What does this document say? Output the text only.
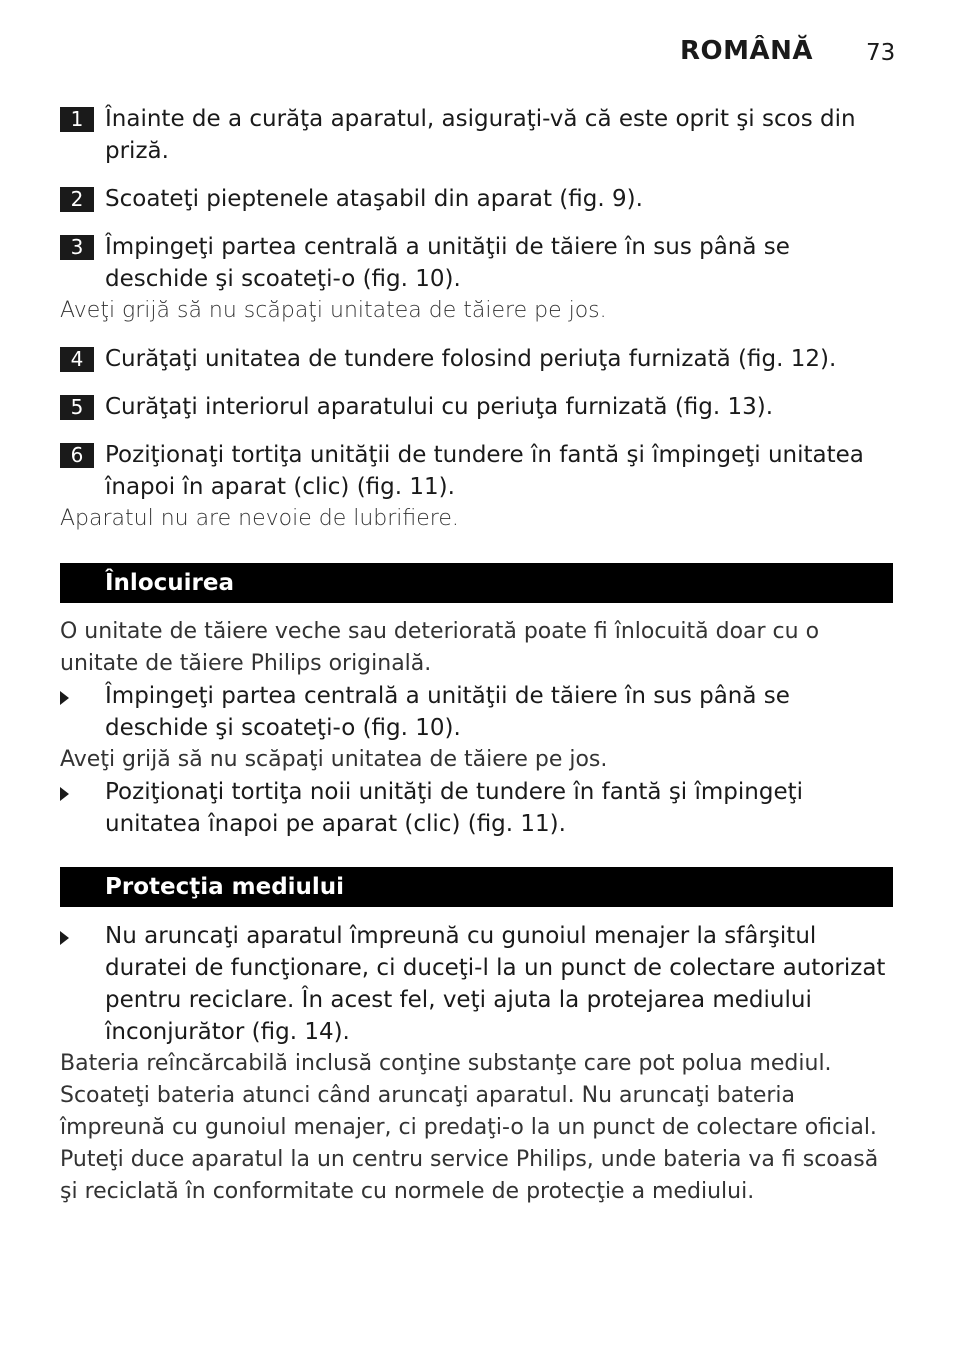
ROMÂNĂ 73
1 Înainte de a curăţa aparatul, asiguraţi-vă că este oprit şi scos din priză.
2 Scoateţi pieptenele ataşabil din aparat (fig. 9).
3 Împingeţi partea centrală a unităţii de tăiere în sus până se deschide şi scoateţi-o (fig. 10).
Aveţi grijă să nu scăpaţi unitatea de tăiere pe jos.
4 Curăţaţi unitatea de tundere folosind periuţa furnizată (fig. 12).
5 Curăţaţi interiorul aparatului cu periuţa furnizată (fig. 13).
6 Poziţionaţi tortiţa unităţii de tundere în fantă şi împingeţi unitatea înapoi în aparat (clic) (fig. 11).
Aparatul nu are nevoie de lubrifiere.
Înlocuirea
O unitate de tăiere veche sau deteriorată poate fi înlocuită doar cu o unitate de tăiere Philips originală.
Împingeţi partea centrală a unităţii de tăiere în sus până se deschide şi scoateţi-o (fig. 10).
Aveţi grijă să nu scăpaţi unitatea de tăiere pe jos.
Poziţionaţi tortiţa noii unităţi de tundere în fantă şi împingeţi unitatea înapoi pe aparat (clic) (fig. 11).
Protecţia mediului
Nu aruncaţi aparatul împreună cu gunoiul menajer la sfârşitul duratei de funcţionare, ci duceţi-l la un punct de colectare autorizat pentru reciclare. În acest fel, veţi ajuta la protejarea mediului înconjurător (fig. 14).
Bateria reîncărcabilă inclusă conţine substanţe care pot polua mediul. Scoateţi bateria atunci când aruncaţi aparatul. Nu aruncaţi bateria împreună cu gunoiul menajer, ci predaţi-o la un punct de colectare oficial. Puteţi duce aparatul la un centru service Philips, unde bateria va fi scoasă şi reciclată în conformitate cu normele de protecţie a mediului.
